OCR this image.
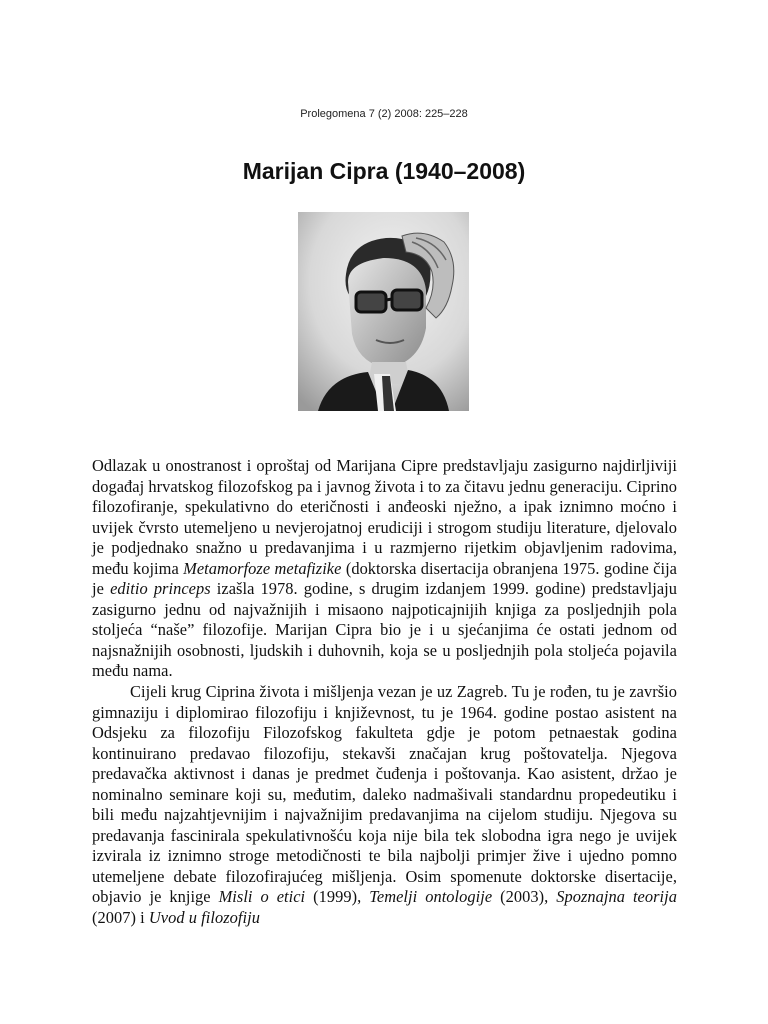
Prolegomena 7 (2) 2008: 225–228
Marijan Cipra (1940–2008)

Odlazak u onostranost i oproštaj od Marijana Cipre predstavljaju zasigurno najdirljiviji događaj hrvatskog filozofskog pa i javnog života i to za čitavu jednu generaciju. Ciprino filozofiranje, spekulativno do eteričnosti i anđeoski nježno, a ipak iznimno moćno i uvijek čvrsto utemeljeno u nevjerojatnoj erudiciji i strogom studiju literature, djelovalo je podjednako snažno u predavanjima i u razmjerno rijetkim objavljenim radovima, među kojima Metamorfoze metafizike (doktorska disertacija obranjena 1975. godine čija je editio princeps izašla 1978. godine, s drugim izdanjem 1999. godine) predstavljaju zasigurno jednu od najvažnijih i misaono najpoticajnijih knjiga za posljednjih pola stoljeća “naše” filozofije. Marijan Cipra bio je i u sjećanjima će ostati jednom od najsnažnijih osobnosti, ljudskih i duhovnih, koja se u posljednjih pola stoljeća pojavila među nama.

Cijeli krug Ciprina života i mišljenja vezan je uz Zagreb. Tu je rođen, tu je završio gimnaziju i diplomirao filozofiju i književnost, tu je 1964. godine postao asistent na Odsjeku za filozofiju Filozofskog fakulteta gdje je potom petnaestak godina kontinuirano predavao filozofiju, stekavši značajan krug poštovatelja. Njegova predavačka aktivnost i danas je predmet čuđenja i poštovanja. Kao asistent, držao je nominalno seminare koji su, međutim, daleko nadmašivali standardnu propedeutiku i bili među najzahtjevnijim i najvažnijim predavanjima na cijelom studiju. Njegova su predavanja fascinirala spekulativnošću koja nije bila tek slobodna igra nego je uvijek izvirala iz iznimno stroge metodičnosti te bila najbolji primjer žive i ujedno pomno utemeljene debate filozofirajućeg mišljenja. Osim spomenute doktorske disertacije, objavio je knjige Misli o etici (1999), Temelji ontologije (2003), Spoznajna teorija (2007) i Uvod u filozofiju
